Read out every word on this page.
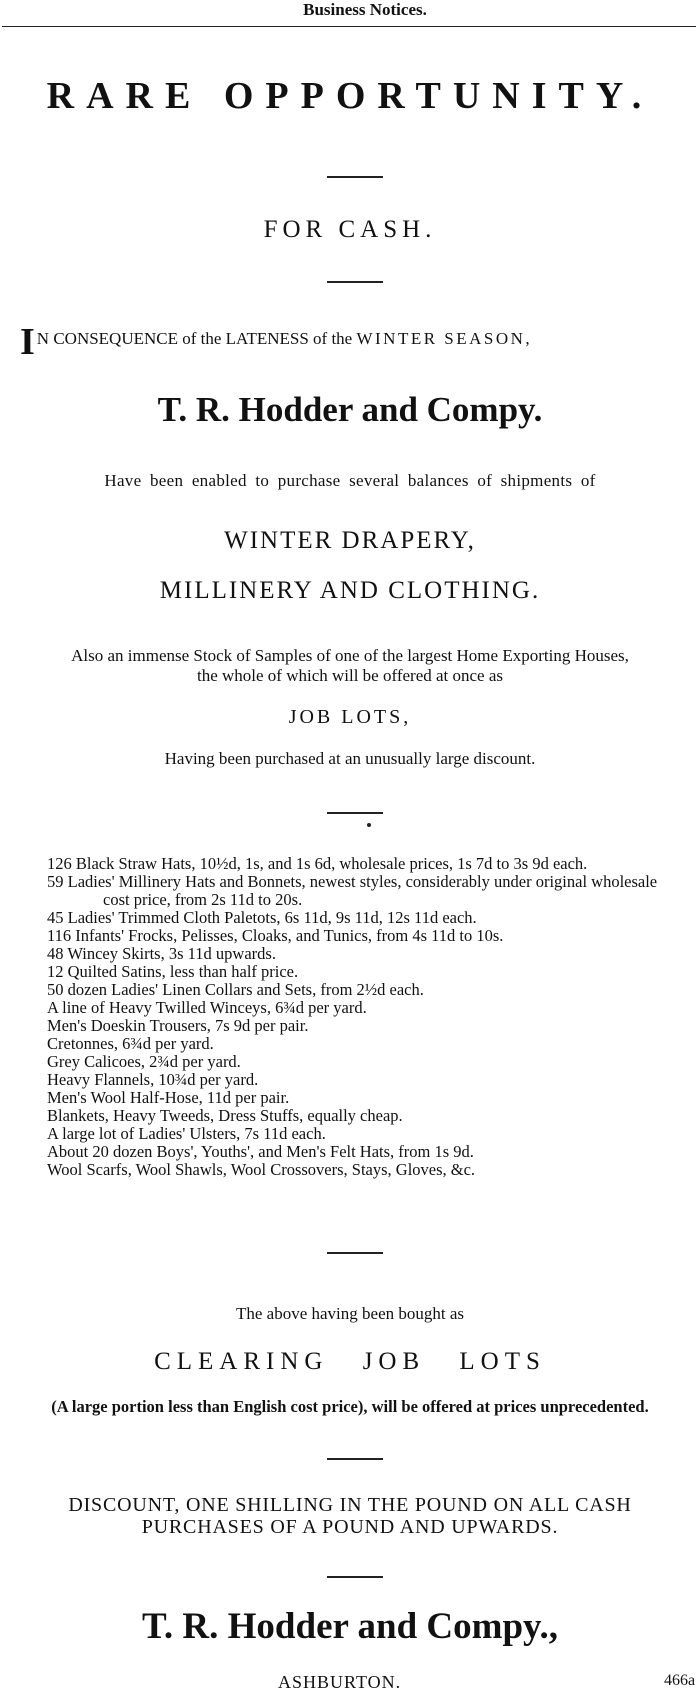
Business Notices.
RARE OPPORTUNITY.
FOR CASH.
I N CONSEQUENCE of the LATENESS of the WINTER SEASON,
T. R. Hodder and Compy.
Have been enabled to purchase several balances of shipments of
WINTER DRAPERY,
MILLINERY AND CLOTHING.
Also an immense Stock of Samples of one of the largest Home Exporting Houses,
the whole of which will be offered at once as
JOB LOTS,
Having been purchased at an unusually large discount.
126 Black Straw Hats, 10½d, 1s, and 1s 6d, wholesale prices, 1s 7d to 3s 9d each.
59 Ladies' Millinery Hats and Bonnets, newest styles, considerably under original wholesale cost price, from 2s 11d to 20s.
45 Ladies' Trimmed Cloth Paletots, 6s 11d, 9s 11d, 12s 11d each.
116 Infants' Frocks, Pelisses, Cloaks, and Tunics, from 4s 11d to 10s.
48 Wincey Skirts, 3s 11d upwards.
12 Quilted Satins, less than half price.
50 dozen Ladies' Linen Collars and Sets, from 2½d each.
A line of Heavy Twilled Winceys, 6¾d per yard.
Men's Doeskin Trousers, 7s 9d per pair.
Cretonnes, 6¾d per yard.
Grey Calicoes, 2¾d per yard.
Heavy Flannels, 10¾d per yard.
Men's Wool Half-Hose, 11d per pair.
Blankets, Heavy Tweeds, Dress Stuffs, equally cheap.
A large lot of Ladies' Ulsters, 7s 11d each.
About 20 dozen Boys', Youths', and Men's Felt Hats, from 1s 9d.
Wool Scarfs, Wool Shawls, Wool Crossovers, Stays, Gloves, &c.
The above having been bought as
CLEARING JOB LOTS
(A large portion less than English cost price), will be offered at prices unprecedented.
DISCOUNT, ONE SHILLING IN THE POUND ON ALL CASH
PURCHASES OF A POUND AND UPWARDS.
T. R. Hodder and Compy.,
ASHBURTON.	466a
